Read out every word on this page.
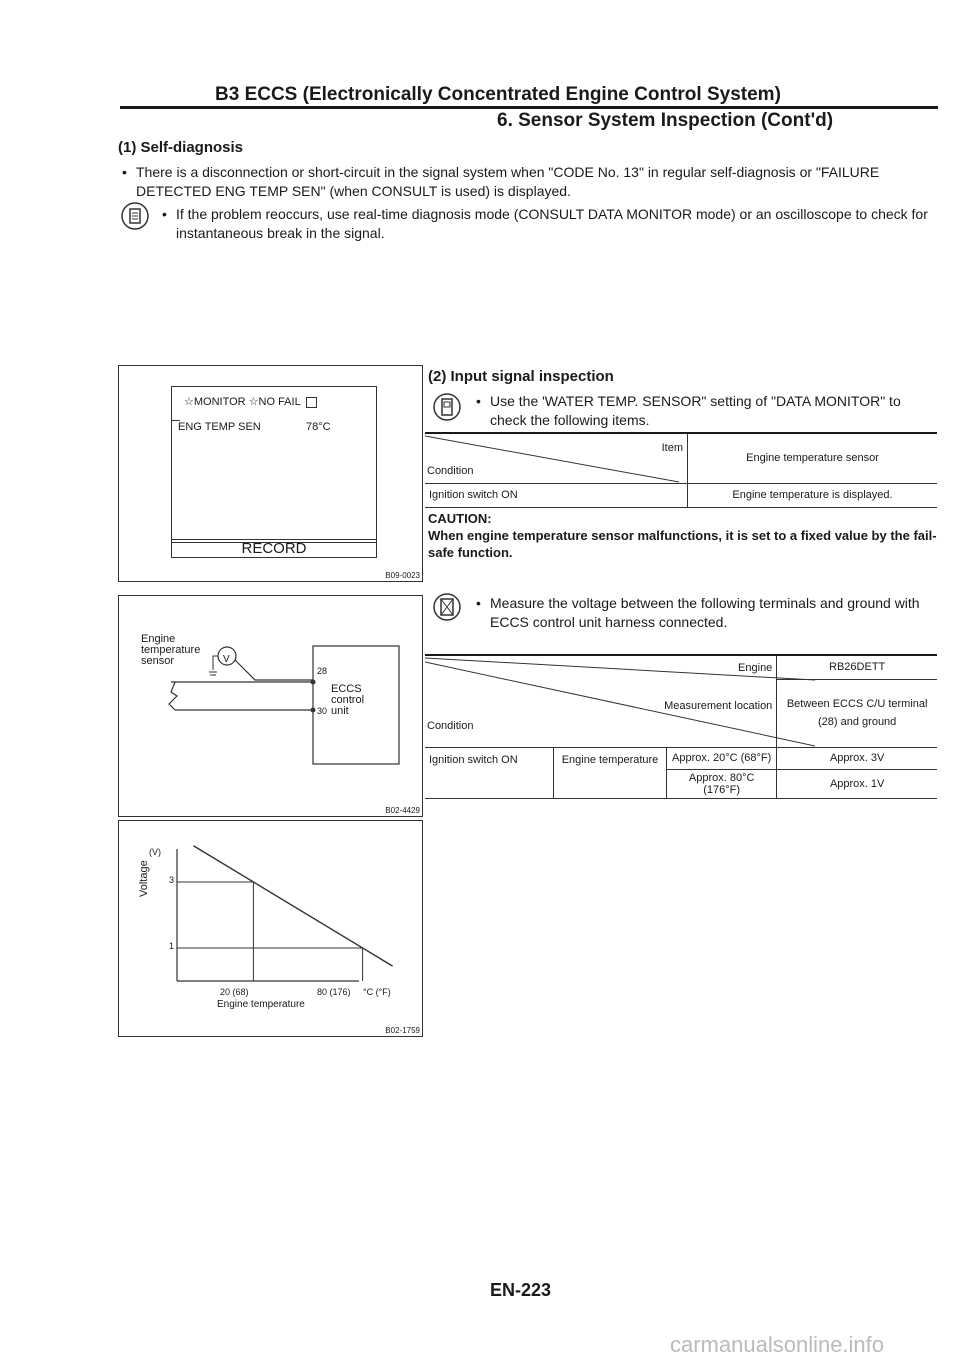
B3 ECCS (Electronically Concentrated Engine Control System)
6. Sensor System Inspection (Cont'd)
(1) Self-diagnosis
• There is a disconnection or short-circuit in the signal system when "CODE No. 13" in regular self-diagnosis or "FAILURE DETECTED ENG TEMP SEN" (when CONSULT is used) is displayed.
• If the problem reoccurs, use real-time diagnosis mode (CONSULT DATA MONITOR mode) or an oscilloscope to check for instantaneous break in the signal.
☆MONITOR ☆NO FAIL
ENG TEMP SEN	78°C
RECORD
B09-0023
Engine
temperature
sensor	V
28
30
ECCS
control
unit
B02-4429
(V)
Voltage 3
1
20 (68)	80 (176) °C (°F)
Engine temperature
B02-1759
(2) Input signal inspection
• Use the 'WATER TEMP. SENSOR" setting of "DATA MONITOR" to check the following items.
Item
Condition	Engine temperature sensor
Ignition switch ON	Engine temperature is displayed.
CAUTION:
When engine temperature sensor malfunctions, it is set to a fixed value by the fail-safe function.
• Measure the voltage between the following terminals and ground with ECCS control unit harness connected.
Engine
Measurement location
Condition			RB26DETT
			Between ECCS C/U terminal (28) and ground
Ignition switch ON	Engine temperature	Approx. 20°C (68°F)	Approx. 3V
		Approx. 80°C (176°F)	Approx. 1V
EN-223
carmanualsonline.info
